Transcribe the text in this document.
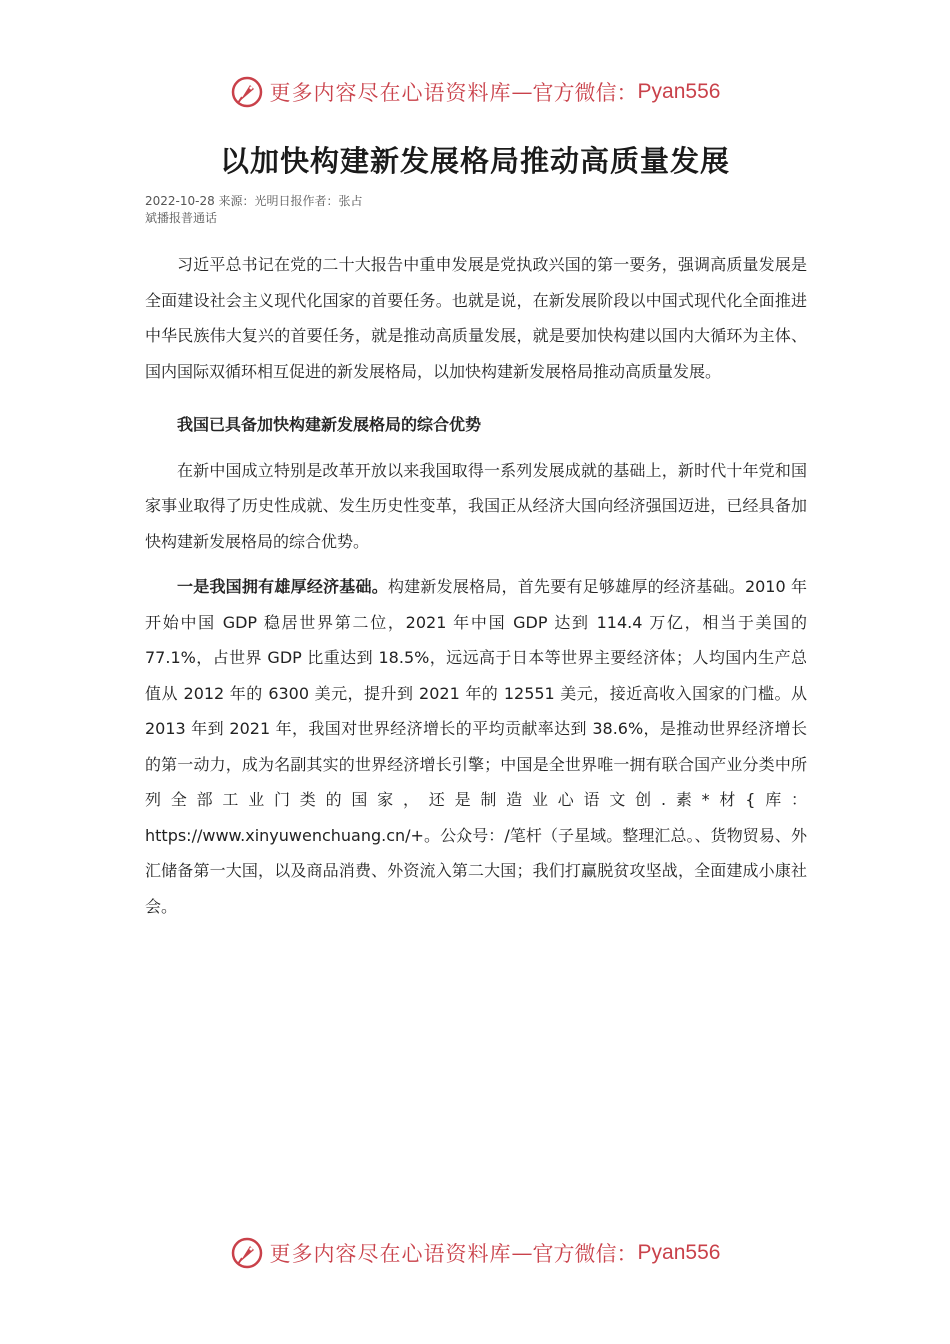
更多内容尽在心语资料库 — 官方微信： Pyan556
以加快构建新发展格局推动高质量发展
2022-10-28 来源：光明日报作者：张占
斌播报普通话

习近平总书记在党的二十大报告中重申发展是党执政兴国的第一要务，强调高质量发展是全面建设社会主义现代化国家的首要任务。也就是说，在新发展阶段以中国式现代化全面推进中华民族伟大复兴的首要任务，就是推动高质量发展，就是要加快构建以国内大循环为主体、国内国际双循环相互促进的新发展格局，以加快构建新发展格局推动高质量发展。

我国已具备加快构建新发展格局的综合优势

在新中国成立特别是改革开放以来我国取得一系列发展成就的基础上，新时代十年党和国家事业取得了历史性成就、发生历史性变革，我国正从经济大国向经济强国迈进，已经具备加快构建新发展格局的综合优势。

一是我国拥有雄厚经济基础。构建新发展格局，首先要有足够雄厚的经济基础。2010 年开始中国 GDP 稳居世界第二位，2021 年中国 GDP 达到 114.4 万亿，相当于美国的 77.1%，占世界 GDP 比重达到 18.5%，远远高于日本等世界主要经济体；人均国内生产总值从 2012 年的 6300 美元，提升到 2021 年的 12551 美元，接近高收入国家的门槛。从 2013 年到 2021 年，我国对世界经济增长的平均贡献率达到 38.6%，是推动世界经济增长的第一动力，成为名副其实的世界经济增长引擎；中国是全世界唯一拥有联合国产业分类中所列全部工业门类的国家，还是制造业心语文创.素*材{库：https://www.xinyuwenchuang.cn/+。公众号：/笔杆（子星域。整理汇总。、货物贸易、外汇储备第一大国，以及商品消费、外资流入第二大国；我们打赢脱贫攻坚战，全面建成小康社会。

更多内容尽在心语资料库 — 官方微信： Pyan556
